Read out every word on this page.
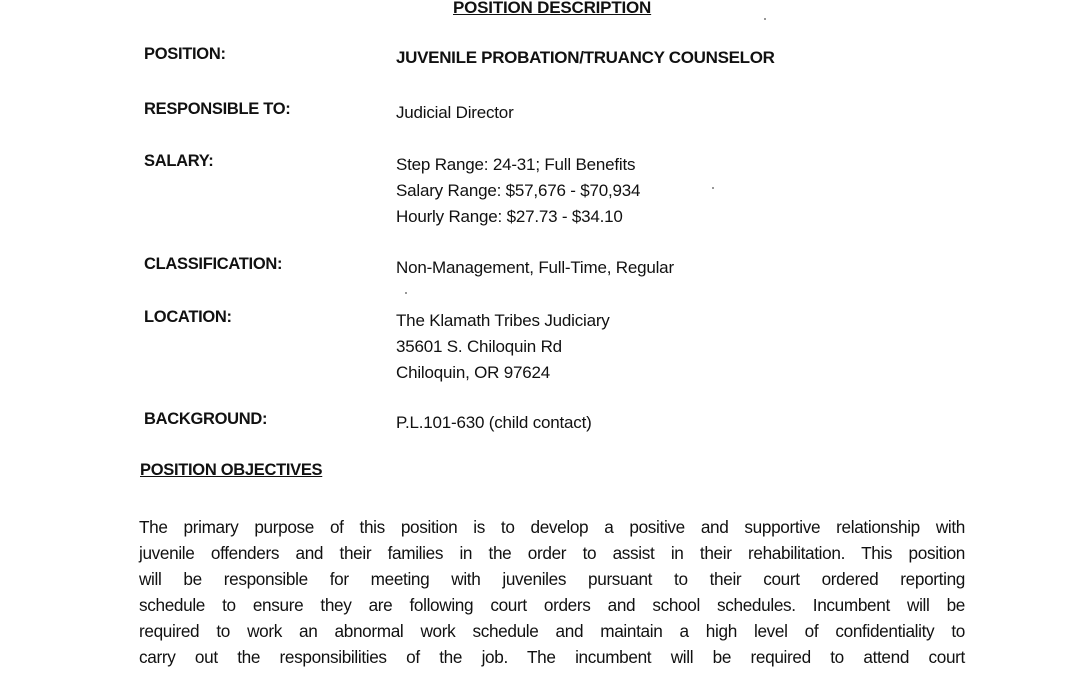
POSITION DESCRIPTION
POSITION:	JUVENILE PROBATION/TRUANCY COUNSELOR
RESPONSIBLE TO:	Judicial Director
SALARY:	Step Range: 24-31; Full Benefits
Salary Range: $57,676 - $70,934
Hourly Range: $27.73 - $34.10
CLASSIFICATION:	Non-Management, Full-Time, Regular
LOCATION:	The Klamath Tribes Judiciary
35601 S. Chiloquin Rd
Chiloquin, OR 97624
BACKGROUND:	P.L.101-630 (child contact)
POSITION OBJECTIVES
The primary purpose of this position is to develop a positive and supportive relationship with
juvenile offenders and their families in the order to assist in their rehabilitation. This position
will be responsible for meeting with juveniles pursuant to their court ordered reporting
schedule to ensure they are following court orders and school schedules. Incumbent will be
required to work an abnormal work schedule and maintain a high level of confidentiality to
carry out the responsibilities of the job. The incumbent will be required to attend court
